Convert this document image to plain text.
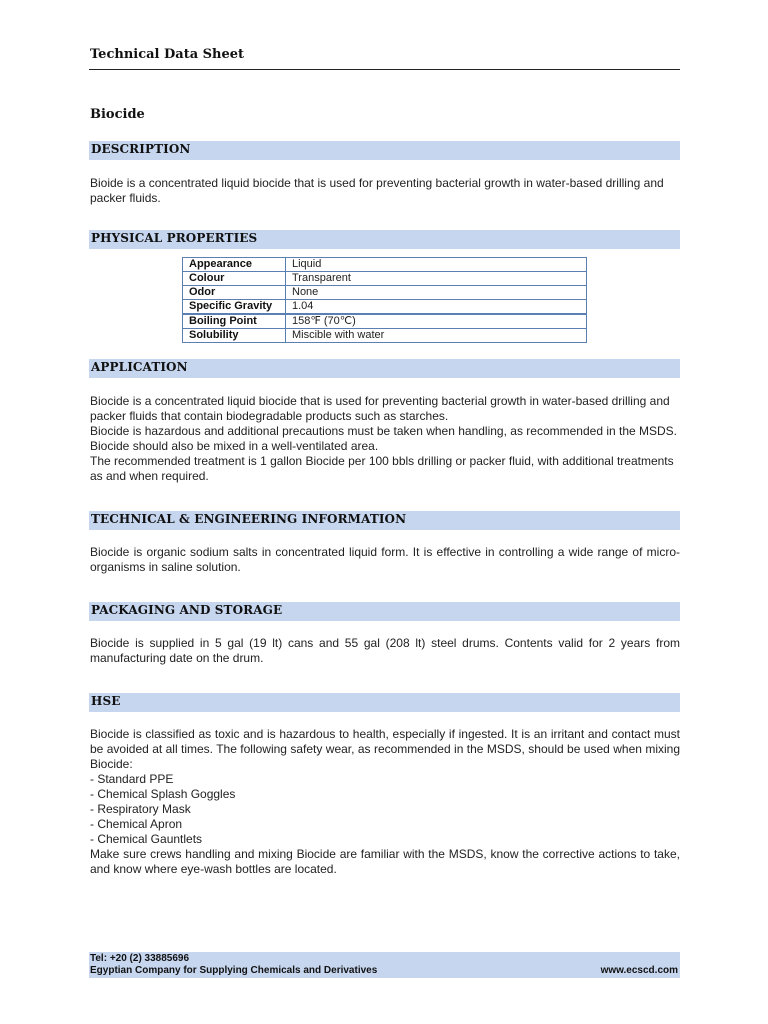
Technical Data Sheet
Biocide
DESCRIPTION

Bioide is a concentrated liquid biocide that is used for preventing bacterial growth in water-based drilling and packer fluids.

PHYSICAL PROPERTIES
Appearance	Liquid
Colour	Transparent
Odor	None
Specific Gravity	1.04
Boiling Point	158℉ (70℃)
Solubility	Miscible with water
APPLICATION

Biocide is a concentrated liquid biocide that is used for preventing bacterial growth in water-based drilling and packer fluids that contain biodegradable products such as starches.

Biocide is hazardous and additional precautions must be taken when handling, as recommended in the MSDS. Biocide should also be mixed in a well-ventilated area.

The recommended treatment is 1 gallon Biocide per 100 bbls drilling or packer fluid, with additional treatments as and when required.

TECHNICAL & ENGINEERING INFORMATION

Biocide is organic sodium salts in concentrated liquid form. It is effective in controlling a wide range of micro-organisms in saline solution.

PACKAGING AND STORAGE

Biocide is supplied in 5 gal (19 lt) cans and 55 gal (208 lt) steel drums. Contents valid for 2 years from manufacturing date on the drum.

HSE

Biocide is classified as toxic and is hazardous to health, especially if ingested. It is an irritant and contact must be avoided at all times. The following safety wear, as recommended in the MSDS, should be used when mixing Biocide:

- Standard PPE

- Chemical Splash Goggles

- Respiratory Mask

- Chemical Apron

- Chemical Gauntlets

Make sure crews handling and mixing Biocide are familiar with the MSDS, know the corrective actions to take, and know where eye-wash bottles are located.

Tel: +20 (2) 33885696
Egyptian Company for Supplying Chemicals and Derivatives	www.ecscd.com
